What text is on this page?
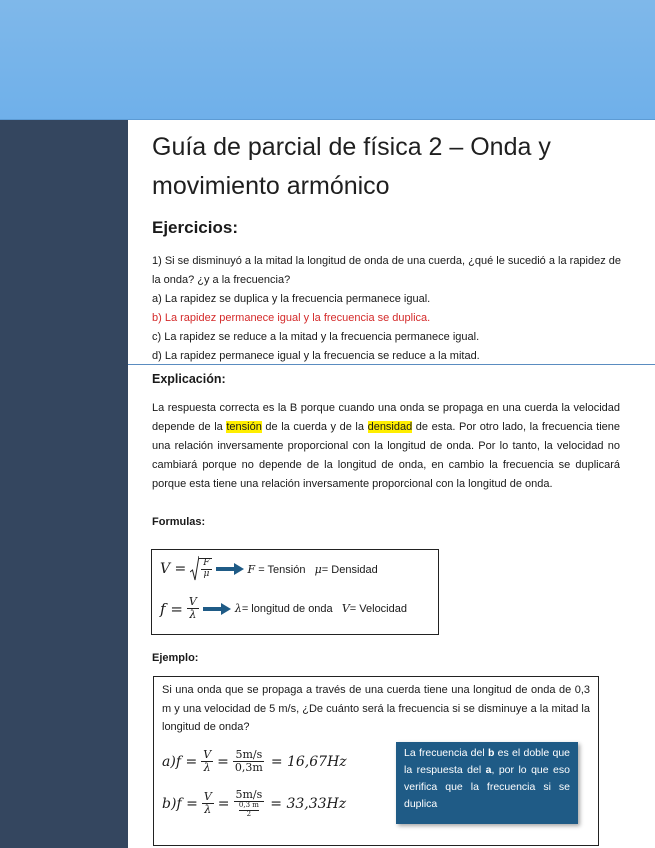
Guía de parcial de física 2 – Onda y movimiento armónico
Ejercicios:

1) Si se disminuyó a la mitad la longitud de onda de una cuerda, ¿qué le sucedió a la rapidez de la onda? ¿y a la frecuencia?

a) La rapidez se duplica y la frecuencia permanece igual.

b) La rapidez permanece igual y la frecuencia se duplica.

c) La rapidez se reduce a la mitad y la frecuencia permanece igual.

d) La rapidez permanece igual y la frecuencia se reduce a la mitad.

Explicación:

La respuesta correcta es la B porque cuando una onda se propaga en una cuerda la velocidad depende de la tensión de la cuerda y de la densidad de esta. Por otro lado, la frecuencia tiene una relación inversamente proporcional con la longitud de onda. Por lo tanto, la velocidad no cambiará porque no depende de la longitud de onda, en cambio la frecuencia se duplicará porque esta tiene una relación inversamente proporcional con la longitud de onda.

Formulas:
$V = \frac{F}{\mu}$	F = Tensión μ= Densidad
$f = \frac{V}{\lambda}$	λ= longitud de onda V= Velocidad
Ejemplo:

Si una onda que se propaga a través de una cuerda tiene una longitud de onda de 0,3 m y una velocidad de 5 m/s, ¿De cuánto será la frecuencia si se disminuye a la mitad la longitud de onda?

a) $f = \frac{V}{\lambda} = \frac{5m/s}{0,3m} = 16,67Hz$
b) $f = \frac{V}{\lambda} = \frac{5m/s}{\frac{0,3 m}{2}} = 33,33Hz$
La frecuencia del b es el doble que la respuesta del a, por lo que eso verifica que la frecuencia si se duplica
